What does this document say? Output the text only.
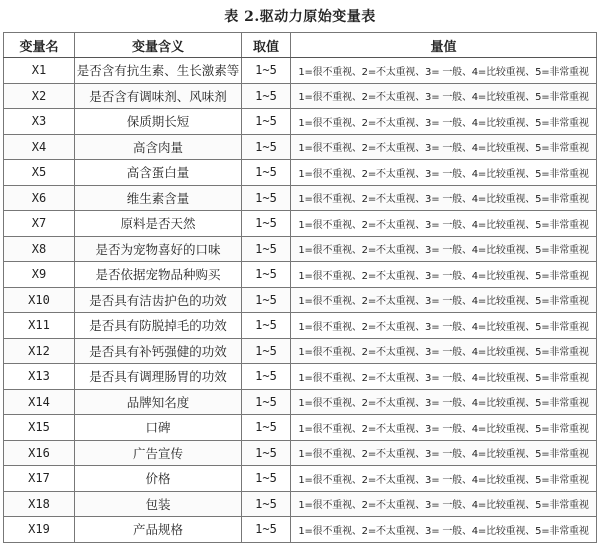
表 2.驱动力原始变量表
变量名	变量含义	取值	量值
X1	是否含有抗生素、生长激素等	1~5	1=很不重视、2=不太重视、3= 一般、4=比较重视、5=非常重视
X2	是否含有调味剂、风味剂	1~5	1=很不重视、2=不太重视、3= 一般、4=比较重视、5=非常重视
X3	保质期长短	1~5	1=很不重视、2=不太重视、3= 一般、4=比较重视、5=非常重视
X4	高含肉量	1~5	1=很不重视、2=不太重视、3= 一般、4=比较重视、5=非常重视
X5	高含蛋白量	1~5	1=很不重视、2=不太重视、3= 一般、4=比较重视、5=非常重视
X6	维生素含量	1~5	1=很不重视、2=不太重视、3= 一般、4=比较重视、5=非常重视
X7	原料是否天然	1~5	1=很不重视、2=不太重视、3= 一般、4=比较重视、5=非常重视
X8	是否为宠物喜好的口味	1~5	1=很不重视、2=不太重视、3= 一般、4=比较重视、5=非常重视
X9	是否依据宠物品种购买	1~5	1=很不重视、2=不太重视、3= 一般、4=比较重视、5=非常重视
X10	是否具有洁齿护色的功效	1~5	1=很不重视、2=不太重视、3= 一般、4=比较重视、5=非常重视
X11	是否具有防脱掉毛的功效	1~5	1=很不重视、2=不太重视、3= 一般、4=比较重视、5=非常重视
X12	是否具有补钙强健的功效	1~5	1=很不重视、2=不太重视、3= 一般、4=比较重视、5=非常重视
X13	是否具有调理肠胃的功效	1~5	1=很不重视、2=不太重视、3= 一般、4=比较重视、5=非常重视
X14	品牌知名度	1~5	1=很不重视、2=不太重视、3= 一般、4=比较重视、5=非常重视
X15	口碑	1~5	1=很不重视、2=不太重视、3= 一般、4=比较重视、5=非常重视
X16	广告宣传	1~5	1=很不重视、2=不太重视、3= 一般、4=比较重视、5=非常重视
X17	价格	1~5	1=很不重视、2=不太重视、3= 一般、4=比较重视、5=非常重视
X18	包装	1~5	1=很不重视、2=不太重视、3= 一般、4=比较重视、5=非常重视
X19	产品规格	1~5	1=很不重视、2=不太重视、3= 一般、4=比较重视、5=非常重视
